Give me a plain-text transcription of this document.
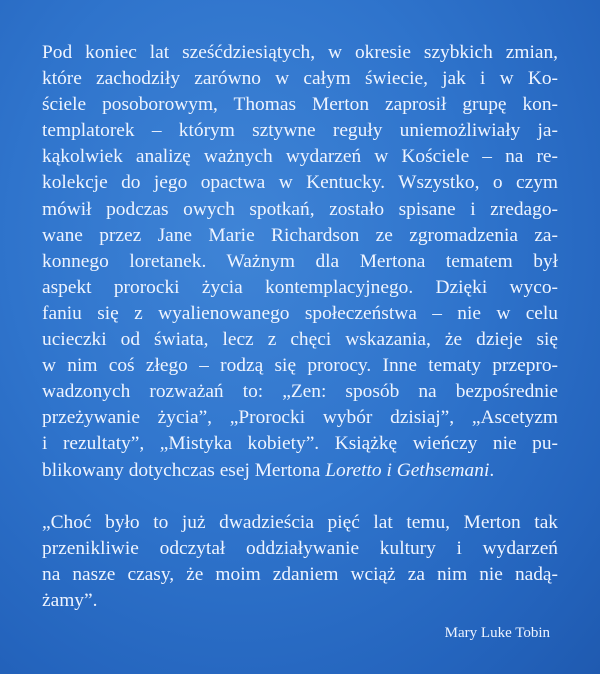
Pod koniec lat sześćdziesiątych, w okresie szybkich zmian,
które zachodziły zarówno w całym świecie, jak i w Ko-
ściele posoborowym, Thomas Merton zaprosił grupę kon-
templatorek – którym sztywne reguły uniemożliwiały ja-
kąkolwiek analizę ważnych wydarzeń w Kościele – na re-
kolekcje do jego opactwa w Kentucky. Wszystko, o czym
mówił podczas owych spotkań, zostało spisane i zredago-
wane przez Jane Marie Richardson ze zgromadzenia za-
konnego loretanek. Ważnym dla Mertona tematem był
aspekt prorocki życia kontemplacyjnego. Dzięki wyco-
faniu się z wyalienowanego społeczeństwa – nie w celu
ucieczki od świata, lecz z chęci wskazania, że dzieje się
w nim coś złego – rodzą się prorocy. Inne tematy przepro-
wadzonych rozważań to: „Zen: sposób na bezpośrednie
przeżywanie życia”, „Prorocki wybór dzisiaj”, „Ascetyzm
i rezultaty”, „Mistyka kobiety”. Książkę wieńczy nie pu-
blikowany dotychczas esej Mertona Loretto i Gethsemani.

„Choć było to już dwadzieścia pięć lat temu, Merton tak
przenikliwie odczytał oddziaływanie kultury i wydarzeń
na nasze czasy, że moim zdaniem wciąż za nim nie nadą-
żamy”.

Mary Luke Tobin
